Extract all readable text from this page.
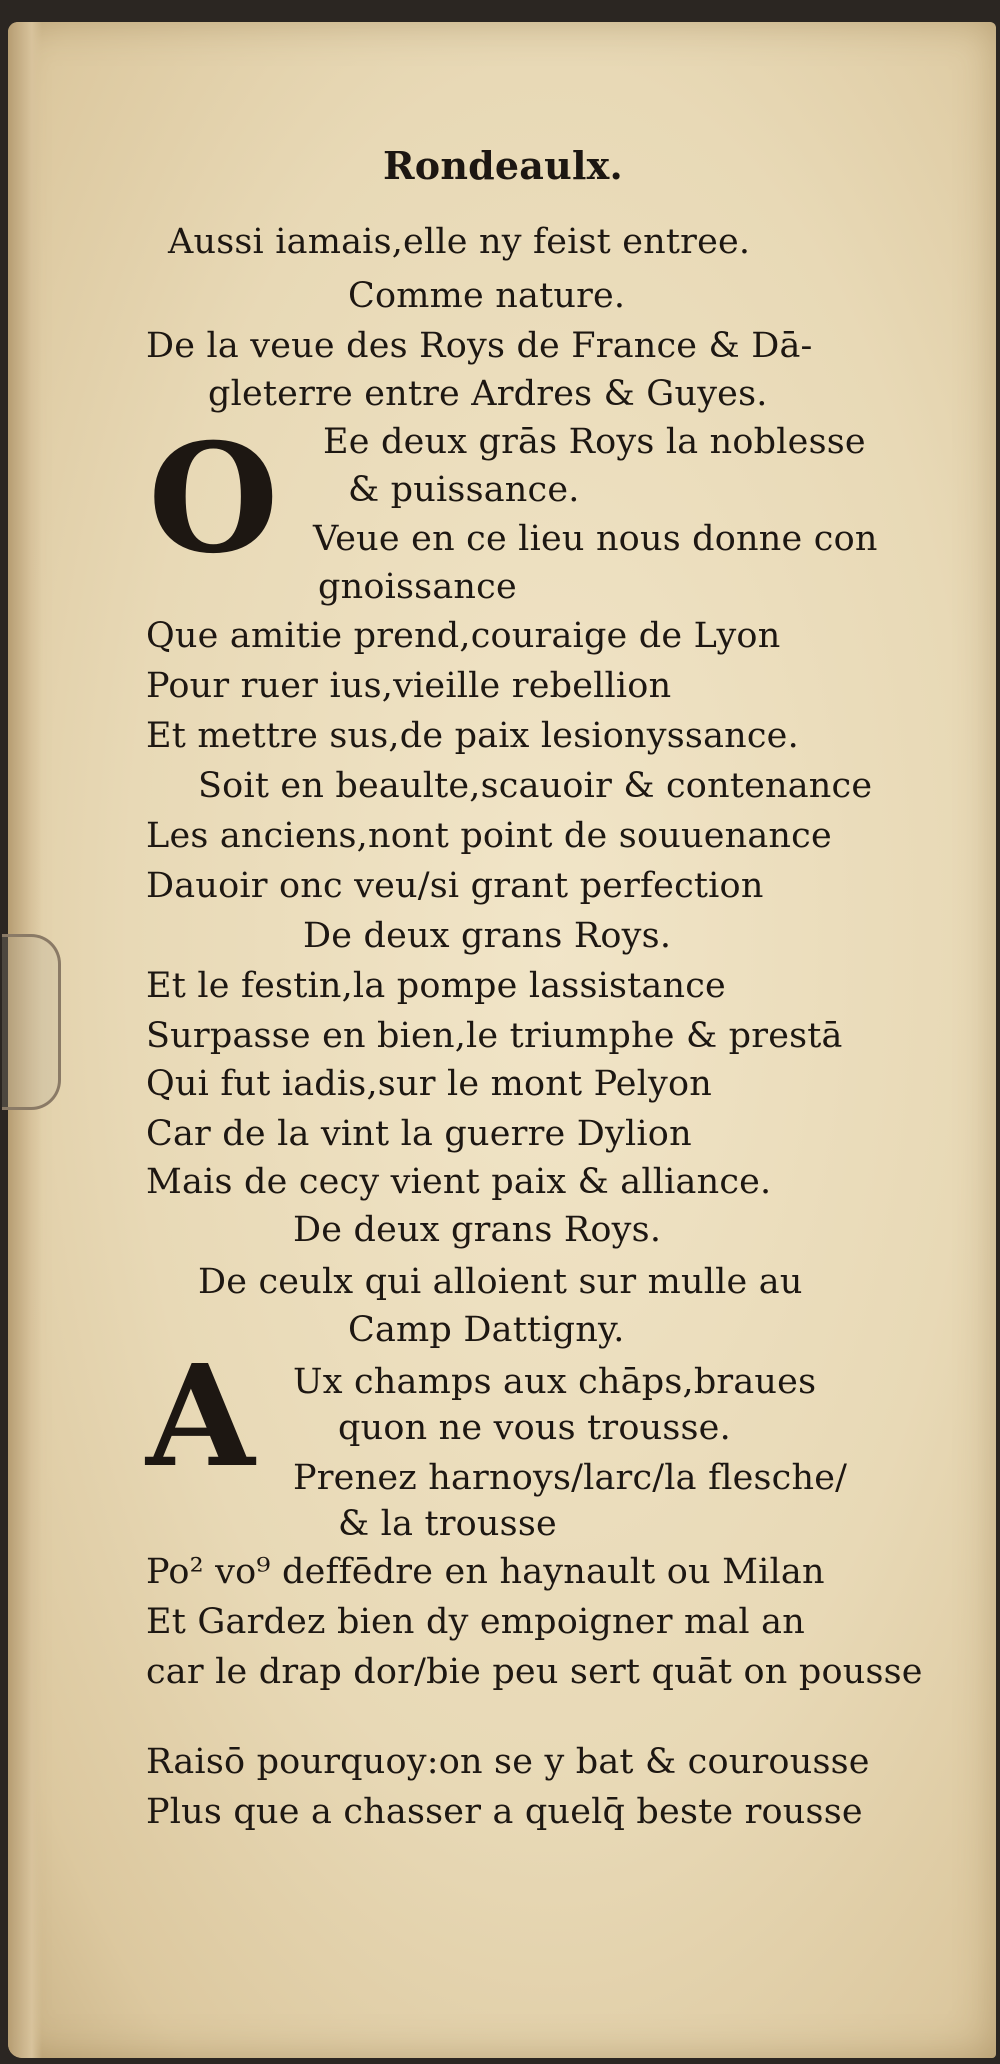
Rondeaulx.
Aussi iamais,elle ny feist entree.
Comme nature.
De la veue des Roys de France & Dā-
gleterre entre Ardres & Guyes.
O Ee deux grās Roys la noblesse
& puissance.
Veue en ce lieu nous donne con
gnoissance
Que amitie prend,couraige de Lyon
Pour ruer ius,vieille rebellion
Et mettre sus,de paix lesionyssance.
Soit en beaulte,scauoir & contenance
Les anciens,nont point de souuenance
Dauoir onc veu/si grant perfection
De deux grans Roys.
Et le festin,la pompe lassistance
Surpasse en bien,le triumphe & prestā
Qui fut iadis,sur le mont Pelyon
Car de la vint la guerre Dylion
Mais de cecy vient paix & alliance.
De deux grans Roys.
De ceulx qui alloient sur mulle au
Camp Dattigny.
A Ux champs aux chāps,braues
quon ne vous trousse.
Prenez harnoys/larc/la flesche/
& la trousse
Po² vo⁹ deffēdre en haynault ou Milan
Et Gardez bien dy empoigner mal an
car le drap dor/bie peu sert quāt on pousse
Raisō pourquoy:on se y bat & courousse
Plus que a chasser a quelq̄ beste rousse
